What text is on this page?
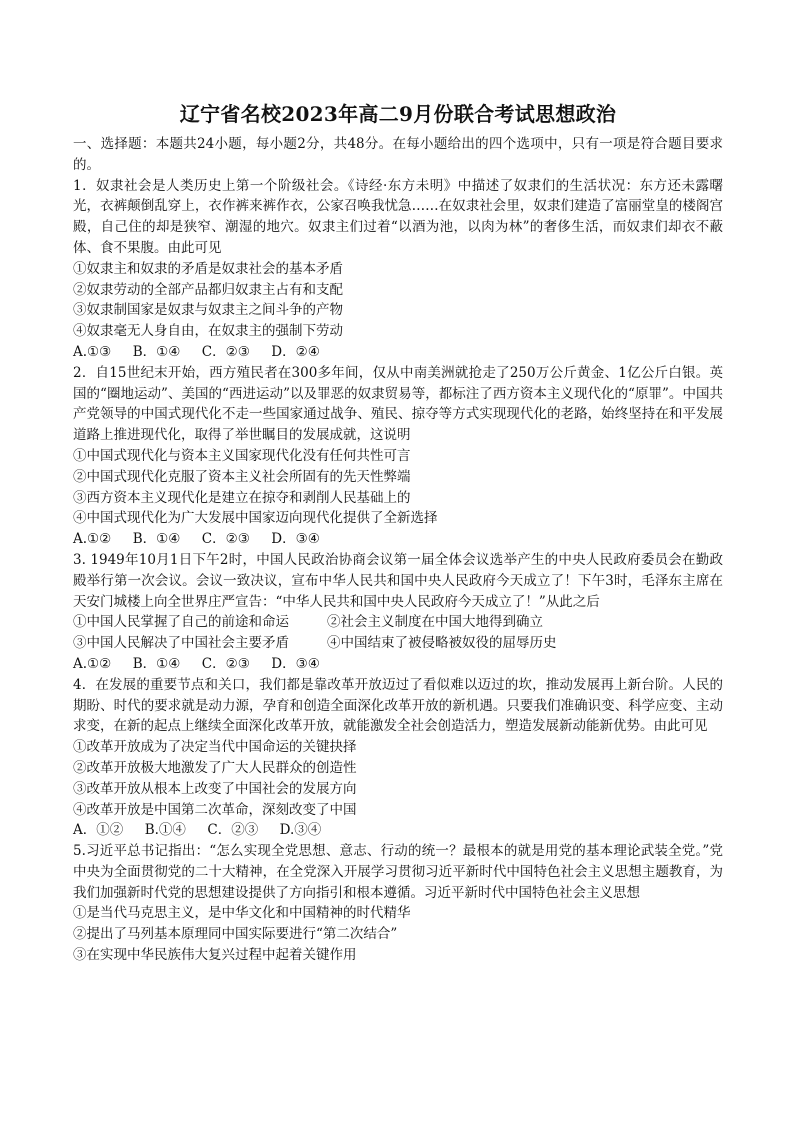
辽宁省名校2023年高二9月份联合考试思想政治

一、选择题：本题共24小题，每小题2分，共48分。在每小题给出的四个选项中，只有一项是符合题目要求的。

1．奴隶社会是人类历史上第一个阶级社会。《诗经·东方未明》中描述了奴隶们的生活状况：东方还未露曙光，衣裤颠倒乱穿上，衣作裤来裤作衣，公家召唤我忧急……在奴隶社会里，奴隶们建造了富丽堂皇的楼阁宫殿，自己住的却是狭窄、潮湿的地穴。奴隶主们过着“以酒为池，以肉为林”的奢侈生活，而奴隶们却衣不蔽体、食不果腹。由此可见

①奴隶主和奴隶的矛盾是奴隶社会的基本矛盾

②奴隶劳动的全部产品都归奴隶主占有和支配

③奴隶制国家是奴隶与奴隶主之间斗争的产物

④奴隶毫无人身自由，在奴隶主的强制下劳动

A.①③     B．①④     C．②③     D．②④

2．自15世纪末开始，西方殖民者在300多年间，仅从中南美洲就抢走了250万公斤黄金、1亿公斤白银。英国的“圈地运动”、美国的“西进运动”以及罪恶的奴隶贸易等，都标注了西方资本主义现代化的“原罪”。中国共产党领导的中国式现代化不走一些国家通过战争、殖民、掠夺等方式实现现代化的老路，始终坚持在和平发展道路上推进现代化，取得了举世瞩目的发展成就，这说明

①中国式现代化与资本主义国家现代化没有任何共性可言

②中国式现代化克服了资本主义社会所固有的先天性弊端

③西方资本主义现代化是建立在掠夺和剥削人民基础上的

④中国式现代化为广大发展中国家迈向现代化提供了全新选择

A.①②     B．①④     C．②③     D．③④

3. 1949年10月1日下午2时，中国人民政治协商会议第一届全体会议选举产生的中央人民政府委员会在勤政殿举行第一次会议。会议一致决议，宣布中华人民共和国中央人民政府今天成立了！下午3时，毛泽东主席在天安门城楼上向全世界庄严宣告：“中华人民共和国中央人民政府今天成立了！”从此之后

①中国人民掌握了自己的前途和命运	②社会主义制度在中国大地得到确立
③中国人民解决了中国社会主要矛盾	④中国结束了被侵略被奴役的屈辱历史

A.①②     B．①④     C．②③     D．③④

4．在发展的重要节点和关口，我们都是靠改革开放迈过了看似难以迈过的坎，推动发展再上新台阶。人民的期盼、时代的要求就是动力源，孕育和创造全面深化改革开放的新机遇。只要我们准确识变、科学应变、主动求变，在新的起点上继续全面深化改革开放，就能激发全社会创造活力，塑造发展新动能新优势。由此可见

①改革开放成为了决定当代中国命运的关键抉择

②改革开放极大地激发了广大人民群众的创造性

③改革开放从根本上改变了中国社会的发展方向

④改革开放是中国第二次革命，深刻改变了中国

A．①②     B.①④     C．②③     D.③④

5.习近平总书记指出：“怎么实现全党思想、意志、行动的统一？最根本的就是用党的基本理论武装全党。”党中央为全面贯彻党的二十大精神，在全党深入开展学习贯彻习近平新时代中国特色社会主义思想主题教育，为我们加强新时代党的思想建设提供了方向指引和根本遵循。习近平新时代中国特色社会主义思想

①是当代马克思主义，是中华文化和中国精神的时代精华

②提出了马列基本原理同中国实际要进行“第二次结合”

③在实现中华民族伟大复兴过程中起着关键作用
